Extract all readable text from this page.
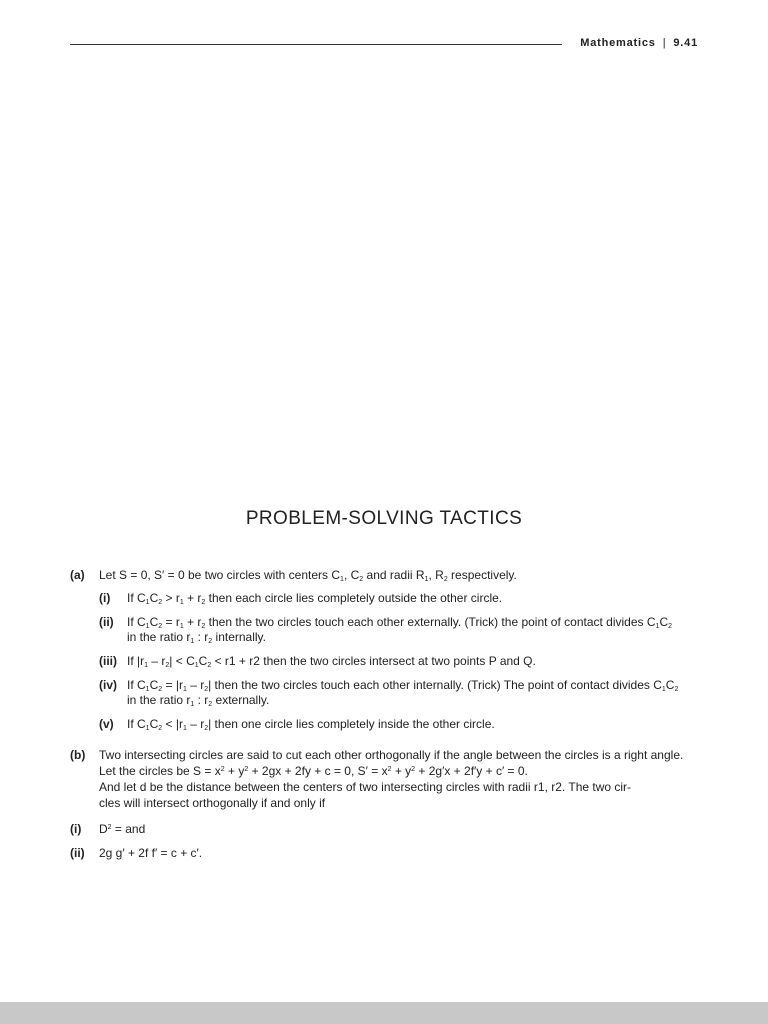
Mathematics | 9.41
PROBLEM-SOLVING TACTICS
(a) Let S = 0, S′ = 0 be two circles with centers $C_1$, $C_2$ and radii $R_1$, $R_2$ respectively.
(i) If $C_1C_2 > r_1 + r_2$ then each circle lies completely outside the other circle.
(ii) If $C_1C_2 = r_1 + r_2$ then the two circles touch each other externally. (Trick) the point of contact divides $C_1C_2$
in the ratio $r_1$ : $r_2$ internally.
(iii) If $|r_1 - r_2| < C_1C_2 < r1 + r2$ then the two circles intersect at two points P and Q.
(iv) If $C_1C_2 = |r_1 - r_2|$ then the two circles touch each other internally. (Trick) The point of contact divides $C_1C_2$
in the ratio $r_1$ : $r_2$ externally.
(v) If $C_1C_2 < |r_1 - r_2|$ then one circle lies completely inside the other circle.
(b) Two intersecting circles are said to cut each other orthogonally if the angle between the circles is a right angle.
Let the circles be $S = x^2 + y^2 + 2gx + 2fy + c = 0$, $S' = x^2 + y^2 + 2g'x + 2f'y + c' = 0$.
And let d be the distance between the centers of two intersecting circles with radii r1, r2. The two cir-
cles will intersect orthogonally if and only if
(i) $D^2$ = and
(ii) 2g g′ + 2f f′ = c + c′.
